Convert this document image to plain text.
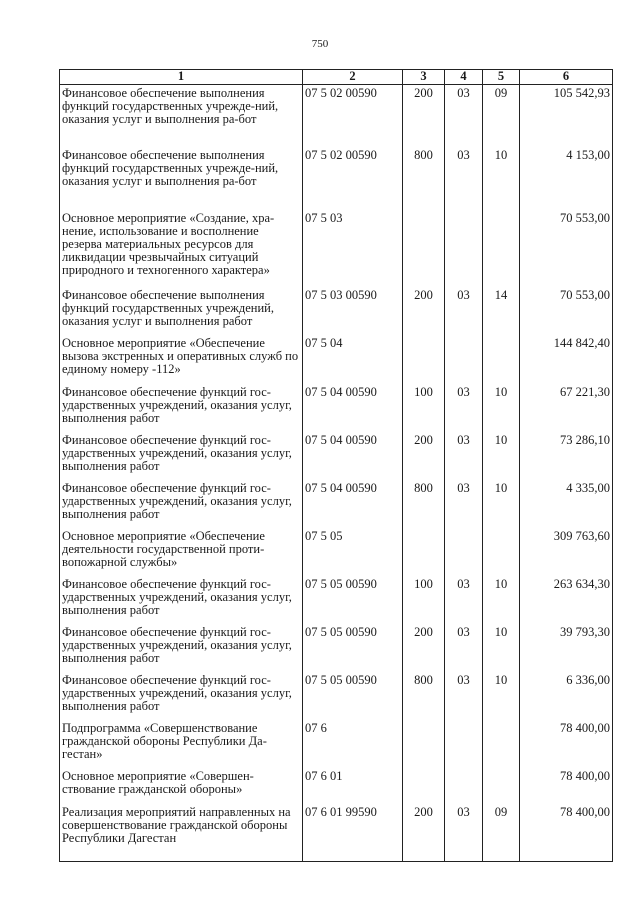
750
1	2	3	4	5	6
Финансовое обеспечение выполнения функций государственных учрежде-ний, оказания услуг и выполнения ра-бот	07 5 02 00590	200	03	09	105 542,93
Финансовое обеспечение выполнения функций государственных учрежде-ний, оказания услуг и выполнения ра-бот	07 5 02 00590	800	03	10	4 153,00
Основное мероприятие «Создание, хра-нение, использование и восполнение резерва материальных ресурсов для ликвидации чрезвычайных ситуаций природного и техногенного характера»	07 5 03				70 553,00
Финансовое обеспечение выполнения функций государственных учреждений, оказания услуг и выполнения работ	07 5 03 00590	200	03	14	70 553,00
Основное мероприятие «Обеспечение вызова экстренных и оперативных служб по единому номеру -112»	07 5 04				144 842,40
Финансовое обеспечение функций гос-ударственных учреждений, оказания услуг, выполнения работ	07 5 04 00590	100	03	10	67 221,30
Финансовое обеспечение функций гос-ударственных учреждений, оказания услуг, выполнения работ	07 5 04 00590	200	03	10	73 286,10
Финансовое обеспечение функций гос-ударственных учреждений, оказания услуг, выполнения работ	07 5 04 00590	800	03	10	4 335,00
Основное мероприятие «Обеспечение деятельности государственной проти-вопожарной службы»	07 5 05				309 763,60
Финансовое обеспечение функций гос-ударственных учреждений, оказания услуг, выполнения работ	07 5 05 00590	100	03	10	263 634,30
Финансовое обеспечение функций гос-ударственных учреждений, оказания услуг, выполнения работ	07 5 05 00590	200	03	10	39 793,30
Финансовое обеспечение функций гос-ударственных учреждений, оказания услуг, выполнения работ	07 5 05 00590	800	03	10	6 336,00
Подпрограмма «Совершенствование гражданской обороны Республики Да-гестан»	07 6				78 400,00
Основное мероприятие «Совершен-ствование гражданской обороны»	07 6 01				78 400,00
Реализация мероприятий направленных на совершенствование гражданской обороны Республики Дагестан	07 6 01 99590	200	03	09	78 400,00
